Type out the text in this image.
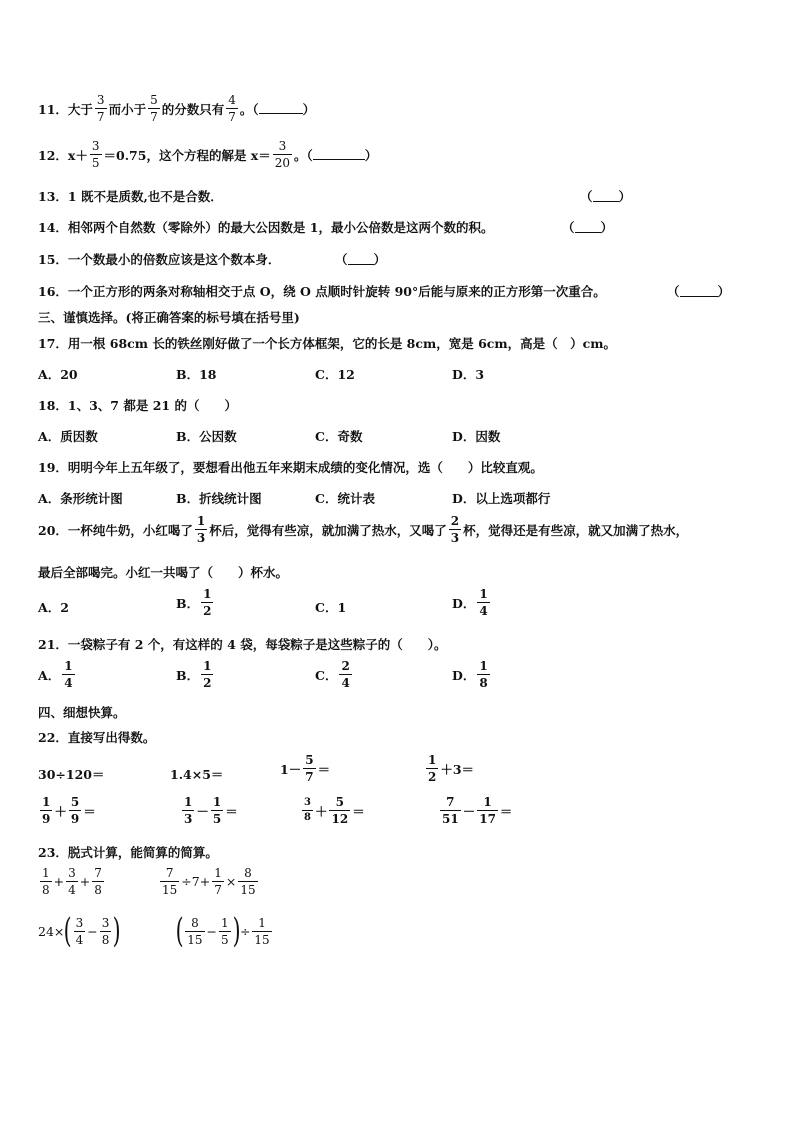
11． 大于 $\frac{3}{7}$ 而小于 $\frac{5}{7}$ 的分数只有 $\frac{4}{7}$ 。（	）
12． $x+ \frac{3}{5} =0.75$，这个方程的解是 $x= \frac{3}{20}$ 。（	）
13．1 既不是质数,也不是合数．	（ ）
14．相邻两个自然数（零除外）的最大公因数是 1，最小公倍数是这两个数的积。	（ ）
15．一个数最小的倍数应该是这个数本身．	（ ）
16．一个正方形的两条对称轴相交于点 O，绕 O 点顺时针旋转 90°后能与原来的正方形第一次重合。	（	）
三、谨慎选择。(将正确答案的标号填在括号里)
17．用一根 68cm 长的铁丝刚好做了一个长方体框架，它的长是 8cm，宽是 6cm，高是（　）cm。
A．20	B．18	C．12	D．3
18．1、3、7 都是 21 的（　　）
A．质因数	B．公因数	C．奇数	D．因数
19．明明今年上五年级了，要想看出他五年来期末成绩的变化情况，选（　　）比较直观。
A．条形统计图	B．折线统计图	C．统计表	D．以上选项都行
20．一杯纯牛奶，小红喝了 $\frac{1}{3}$ 杯后，觉得有些凉，就加满了热水，又喝了 $\frac{2}{3}$ 杯，觉得还是有些凉，就又加满了热水，
最后全部喝完。小红一共喝了（　　）杯水。
A．2	B． $\frac{1}{2}$	C．1	D． $\frac{1}{4}$
21．一袋粽子有 2 个，有这样的 4 袋，每袋粽子是这些粽子的（　　）。
A． $\frac{1}{4}$	B． $\frac{1}{2}$	C． $\frac{2}{4}$	D． $\frac{1}{8}$
四、细想快算。
22．直接写出得数。
30÷120＝	1.4×5＝	$1- \frac{5}{7}$ ＝	$\frac{1}{2} +3=$
$\frac{1}{9} + \frac{5}{9}$ ＝	$\frac{1}{3} - \frac{1}{5}$ ＝	$\frac{3}{8} + \frac{5}{12}$ ＝	$\frac{7}{51} - \frac{1}{17}$ ＝
23．脱式计算，能简算的简算。
$\frac{1}{8} + \frac{3}{4} + \frac{7}{8}$	$\frac{7}{15} \div 7+ \frac{1}{7} \times \frac{8}{15}$
24× ( $\frac{3}{4} - \frac{3}{8}$ ) ( $\frac{8}{15} - \frac{1}{5}$ ) ÷ $\frac{1}{15}$
